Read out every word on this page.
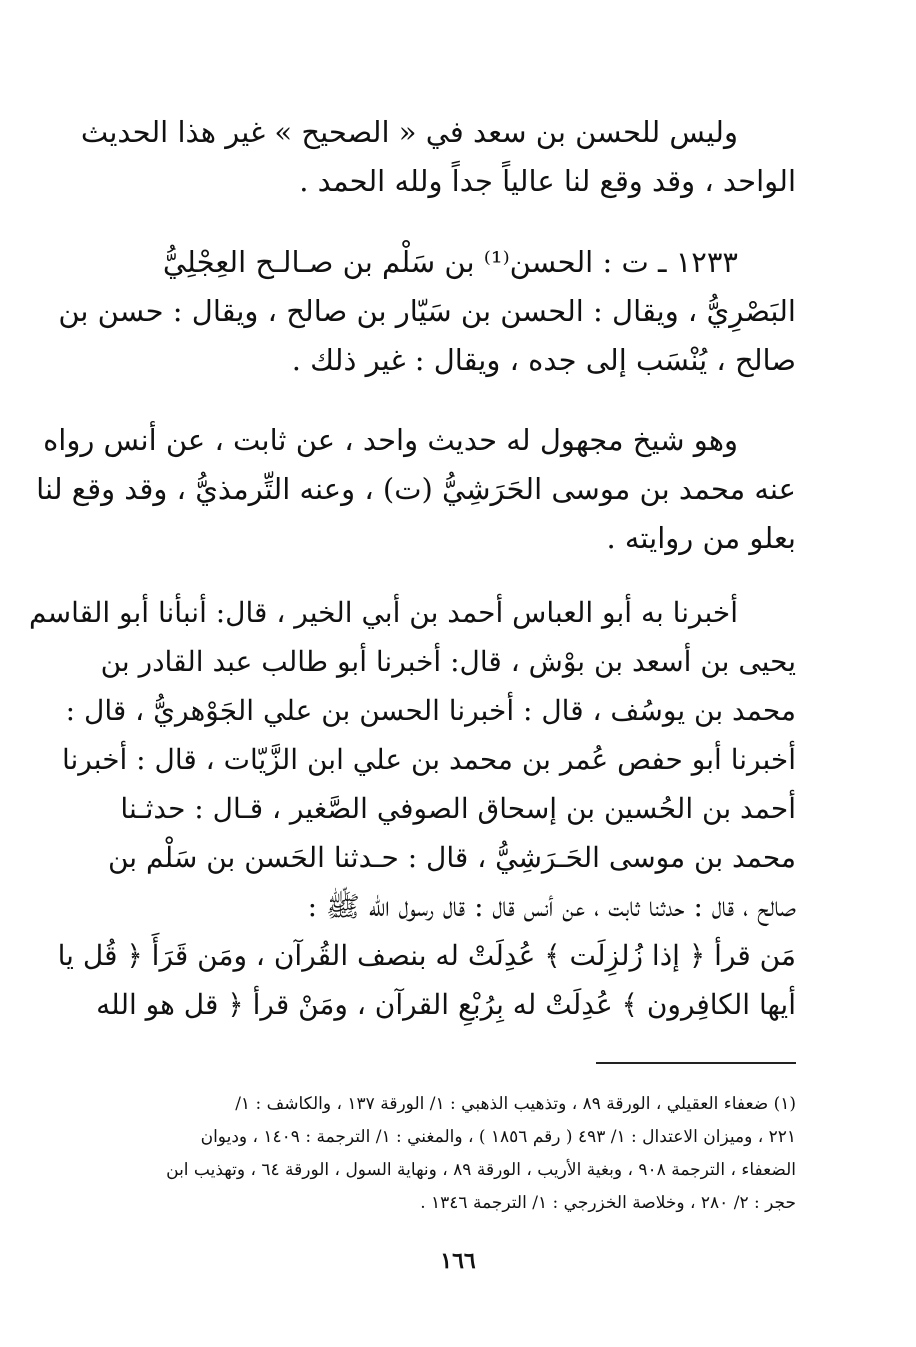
وليس للحسن بن سعد في « الصحيح » غير هذا الحديث
الواحد ، وقد وقع لنا عالياً جداً ولله الحمد .
١٢٣٣ ـ ت : الحسن⁽¹⁾ بن سَلْم بن صـالـح العِجْلِيُّ
البَصْرِيُّ ، ويقال : الحسن بن سَيّار بن صالح ، ويقال : حسن بن
صالح ، يُنْسَب إلى جده ، ويقال : غير ذلك .
وهو شيخ مجهول له حديث واحد ، عن ثابت ، عن أنس رواه
عنه محمد بن موسى الحَرَشِيُّ (ت) ، وعنه التِّرمذيُّ ، وقد وقع لنا
بعلو من روايته .
أخبرنا به أبو العباس أحمد بن أبي الخير ، قال: أنبأنا أبو القاسم
يحيى بن أسعد بن بوْش ، قال: أخبرنا أبو طالب عبد القادر بن
محمد بن يوسُف ، قال : أخبرنا الحسن بن علي الجَوْهريُّ ، قال :
أخبرنا أبو حفص عُمر بن محمد بن علي ابن الزَّيّات ، قال : أخبرنا
أحمد بن الحُسين بن إسحاق الصوفي الصَّغير ، قـال : حدثـنا
محمد بن موسى الحَـرَشِيُّ ، قال : حـدثنا الحَسن بن سَلْم بن
صالح ، قال : حدثنا ثابت ، عن أنس قال : قال رسول الله ﷺ :
مَن قرأ ﴿ إذا زُلزِلَت ﴾ عُدِلَتْ له بنصف القُرآن ، ومَن قَرَأَ ﴿ قُل يا
أيها الكافِرون ﴾ عُدِلَتْ له بِرُبْعِ القرآن ، ومَنْ قرأ ﴿ قل هو الله
(١) ضعفاء العقيلي ، الورقة ٨٩ ، وتذهيب الذهبي : ١/ الورقة ١٣٧ ، والكاشف : ١/
٢٢١ ، وميزان الاعتدال : ١/ ٤٩٣ ( رقم ١٨٥٦ ) ، والمغني : ١/ الترجمة : ١٤٠٩ ، وديوان
الضعفاء ، الترجمة ٩٠٨ ، وبغية الأريب ، الورقة ٨٩ ، ونهاية السول ، الورقة ٦٤ ، وتهذيب ابن
حجر : ٢/ ٢٨٠ ، وخلاصة الخزرجي : ١/ الترجمة ١٣٤٦ .
١٦٦
